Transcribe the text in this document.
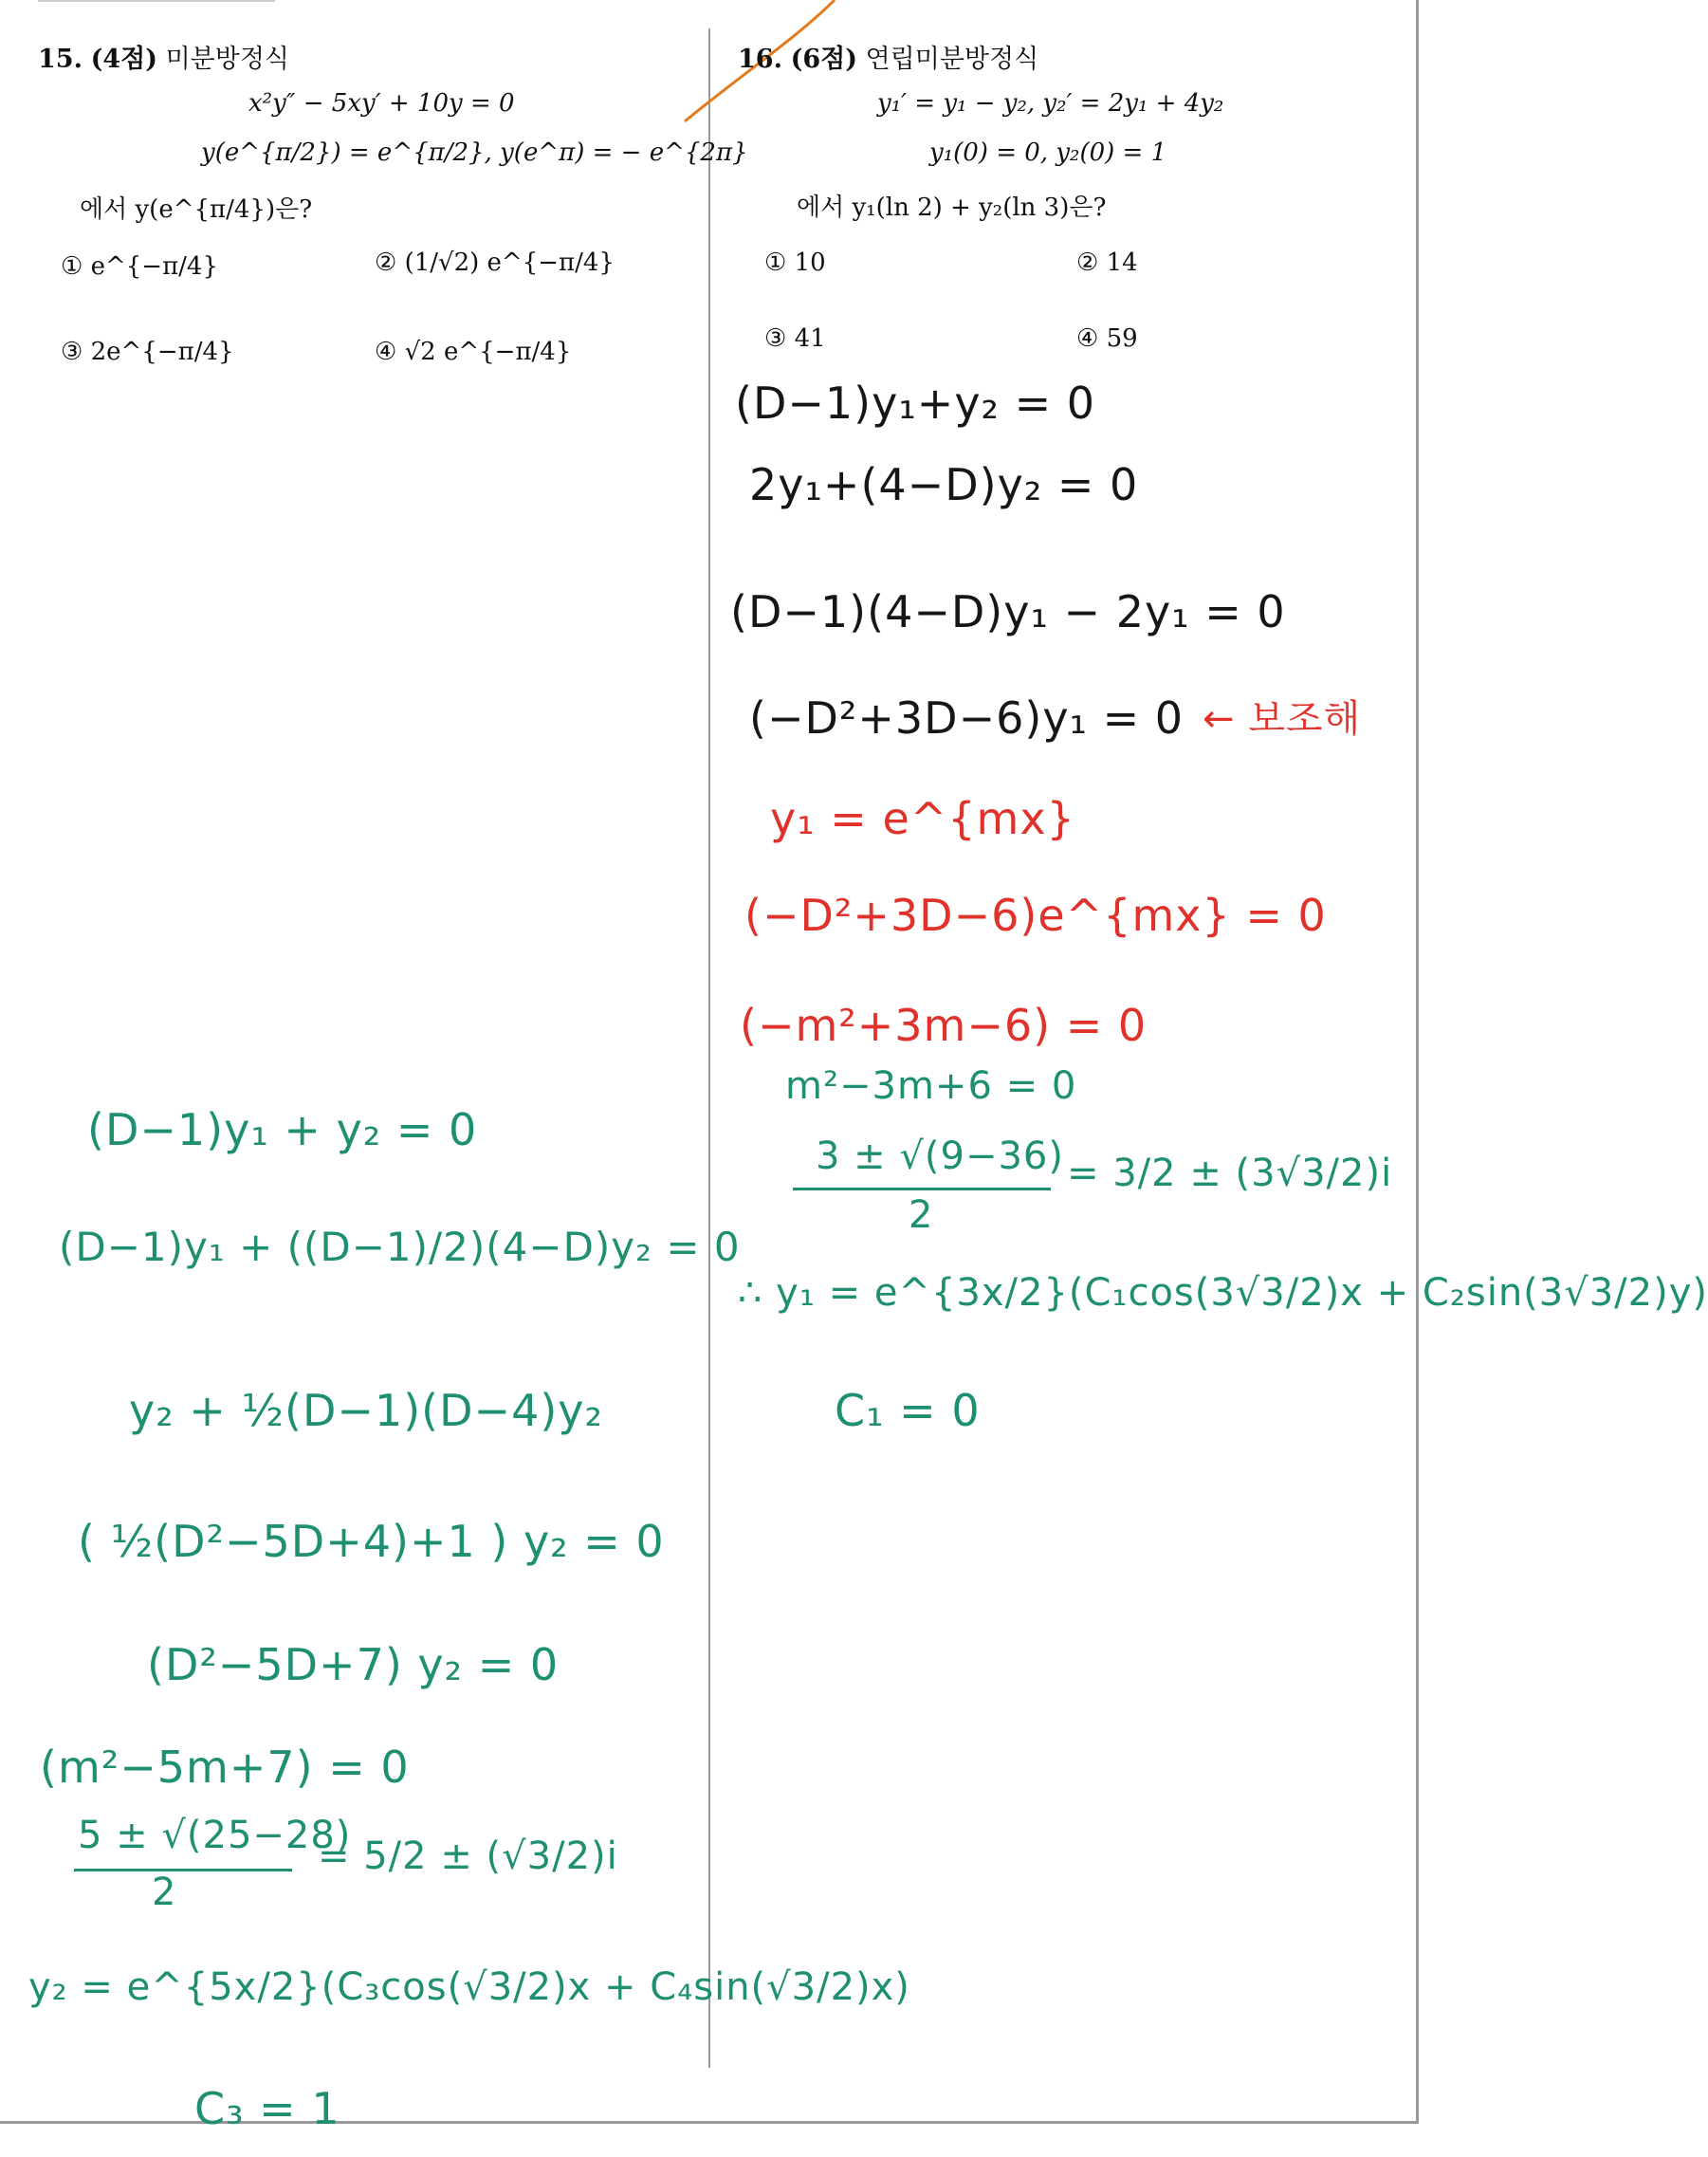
15. (4점) 미분방정식
x²y″ − 5xy′ + 10y = 0
y(e^{π/2}) = e^{π/2}, y(e^π) = − e^{2π}
에서 y(e^{π/4})은?
① e^{−π/4}	② (1/√2) e^{−π/4}
③ 2e^{−π/4}	④ √2 e^{−π/4}
16. (6점) 연립미분방정식
y₁′ = y₁ − y₂, y₂′ = 2y₁ + 4y₂
y₁(0) = 0, y₂(0) = 1
에서 y₁(ln 2) + y₂(ln 3)은?
① 10	② 14
③ 41	④ 59
(D−1)y₁+y₂ = 0
2y₁+(4−D)y₂ = 0
(D−1)(4−D)y₁ − 2y₁ = 0
(−D²+3D−6)y₁ = 0 ← 보조해
y₁ = e^{mx}
(−D²+3D−6)e^{mx} = 0
(−m²+3m−6) = 0
m²−3m+6 = 0
3 ± √(9−36)
2
= 3/2 ± (3√3/2)i
∴ y₁ = e^{3x/2}(C₁cos(3√3/2)x + C₂sin(3√3/2)y)
C₁ = 0
(D−1)y₁ + y₂ = 0
(D−1)y₁ + ((D−1)/2)(4−D)y₂ = 0
y₂ + ½(D−1)(D−4)y₂
( ½(D²−5D+4)+1 ) y₂ = 0
(D²−5D+7) y₂ = 0
(m²−5m+7) = 0
5 ± √(25−28)
2
= 5/2 ± (√3/2)i
y₂ = e^{5x/2}(C₃cos(√3/2)x + C₄sin(√3/2)x)
C₃ = 1
